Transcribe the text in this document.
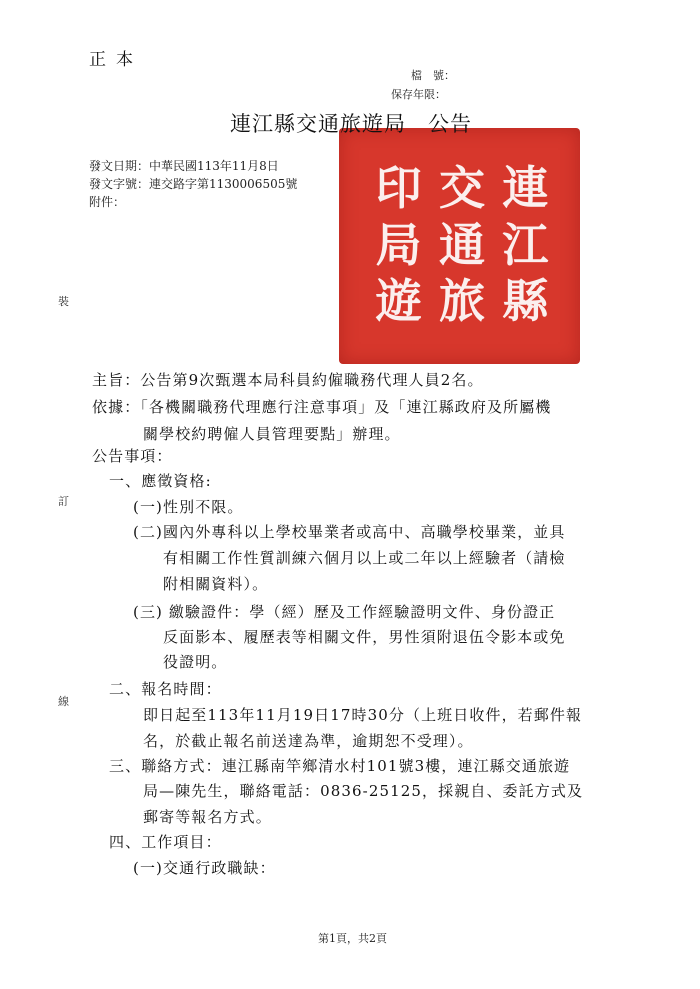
正本
檔　號：
保存年限：
印 交 連
局 通 江
遊 旅 縣
連江縣交通旅遊局　公告
發文日期：中華民國113年11月8日
發文字號：連交路字第1130006505號
附件：
裝
訂
線
主旨：公告第9次甄選本局科員約僱職務代理人員2名。
依據：「各機關職務代理應行注意事項」及「連江縣政府及所屬機
關學校約聘僱人員管理要點」辦理。
公告事項：
一、應徵資格:
(一)性別不限。
(二)國內外專科以上學校畢業者或高中、高職學校畢業，並具
有相關工作性質訓練六個月以上或二年以上經驗者（請檢
附相關資料）。
(三) 繳驗證件：學（經）歷及工作經驗證明文件、身份證正
反面影本、履歷表等相關文件，男性須附退伍令影本或免
役證明。
二、報名時間：
即日起至113年11月19日17時30分（上班日收件，若郵件報
名，於截止報名前送達為準，逾期恕不受理）。
三、聯絡方式：連江縣南竿鄉清水村101號3樓，連江縣交通旅遊
局—陳先生，聯絡電話：0836-25125，採親自、委託方式及
郵寄等報名方式。
四、工作項目：
(一)交通行政職缺：
第1頁，共2頁
